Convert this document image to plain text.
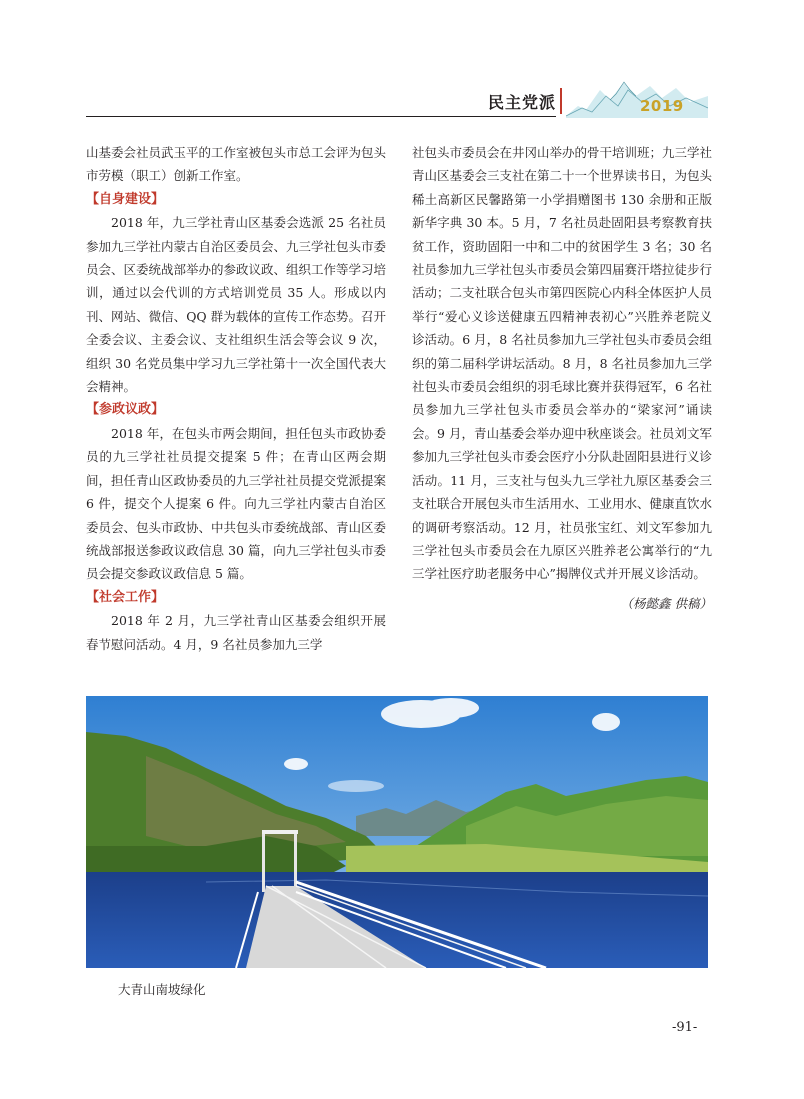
民主党派	2019

山基委会社员武玉平的工作室被包头市总工会评为包头市劳模（职工）创新工作室。

【自身建设】

2018 年，九三学社青山区基委会选派 25 名社员参加九三学社内蒙古自治区委员会、九三学社包头市委员会、区委统战部举办的参政议政、组织工作等学习培训，通过以会代训的方式培训党员 35 人。形成以内刊、网站、微信、QQ 群为载体的宣传工作态势。召开全委会议、主委会议、支社组织生活会等会议 9 次，组织 30 名党员集中学习九三学社第十一次全国代表大会精神。

【参政议政】

2018 年，在包头市两会期间，担任包头市政协委员的九三学社社员提交提案 5 件；在青山区两会期间，担任青山区政协委员的九三学社社员提交党派提案 6 件，提交个人提案 6 件。向九三学社内蒙古自治区委员会、包头市政协、中共包头市委统战部、青山区委统战部报送参政议政信息 30 篇，向九三学社包头市委员会提交参政议政信息 5 篇。

【社会工作】

2018 年 2 月，九三学社青山区基委会组织开展春节慰问活动。4 月，9 名社员参加九三学

社包头市委员会在井冈山举办的骨干培训班；九三学社青山区基委会三支社在第二十一个世界读书日，为包头稀土高新区民馨路第一小学捐赠图书 130 余册和正版新华字典 30 本。5 月，7 名社员赴固阳县考察教育扶贫工作，资助固阳一中和二中的贫困学生 3 名；30 名社员参加九三学社包头市委员会第四届赛汗塔拉徒步行活动；二支社联合包头市第四医院心内科全体医护人员举行“爱心义诊送健康五四精神表初心”兴胜养老院义诊活动。6 月，8 名社员参加九三学社包头市委员会组织的第二届科学讲坛活动。8 月，8 名社员参加九三学社包头市委员会组织的羽毛球比赛并获得冠军，6 名社员参加九三学社包头市委员会举办的“梁家河”诵读会。9 月，青山基委会举办迎中秋座谈会。社员刘文军参加九三学社包头市委会医疗小分队赴固阳县进行义诊活动。11 月，三支社与包头九三学社九原区基委会三支社联合开展包头市生活用水、工业用水、健康直饮水的调研考察活动。12 月，社员张宝红、刘文军参加九三学社包头市委员会在九原区兴胜养老公寓举行的“九三学社医疗助老服务中心”揭牌仪式并开展义诊活动。

（杨懿鑫 供稿）

大青山南坡绿化
-91-
